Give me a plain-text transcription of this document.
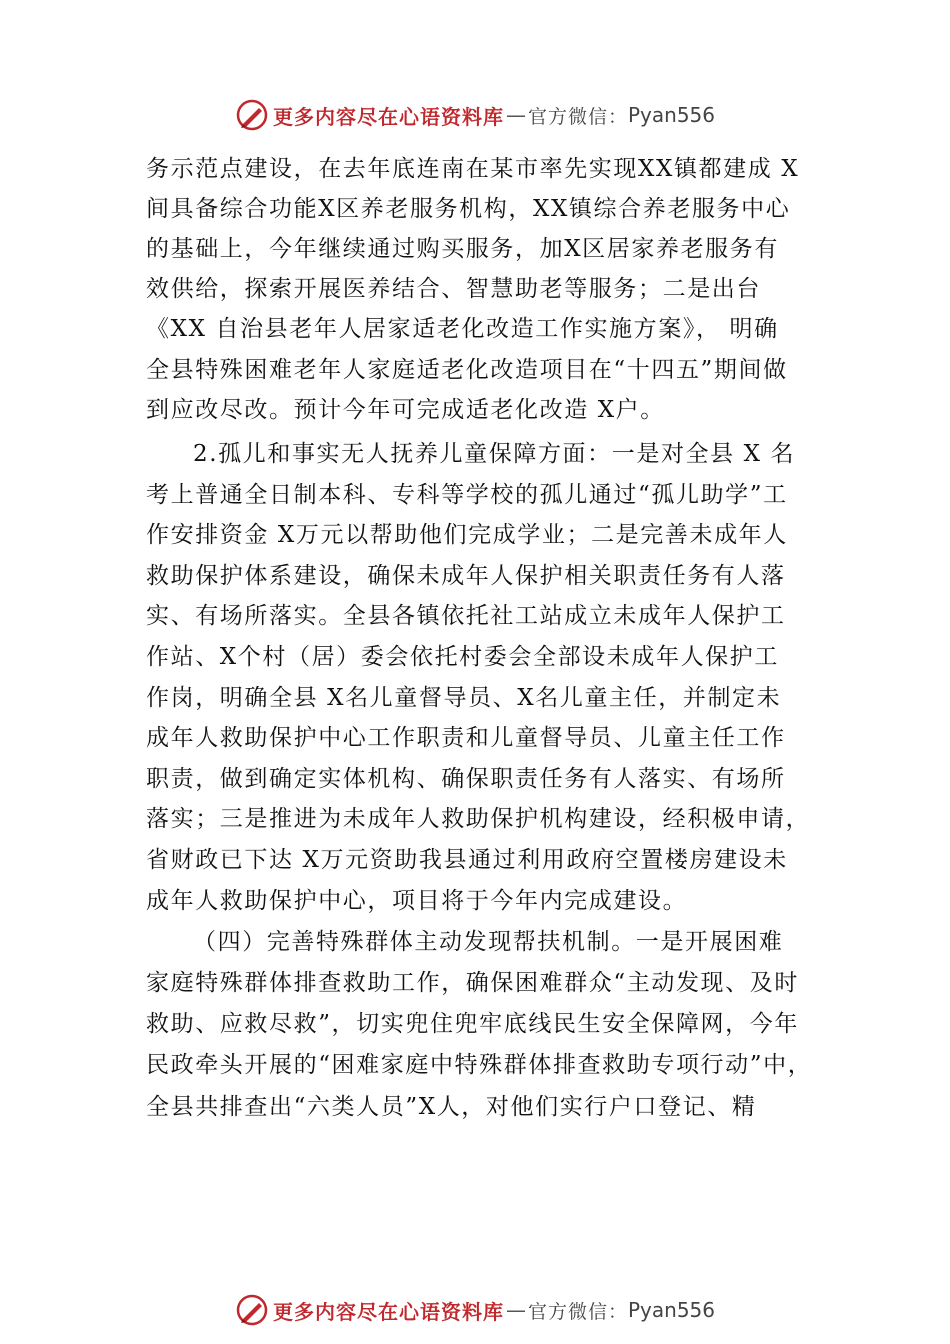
更多内容尽在心语资料库 — 官方微信： Pyan556
务示范点建设，在去年底连南在某市率先实现XX镇都建成 X
间具备综合功能X区养老服务机构，XX镇综合养老服务中心
的基础上，今年继续通过购买服务，加X区居家养老服务有
效供给，探索开展医养结合、智慧助老等服务；二是出台
《XX 自治县老年人居家适老化改造工作实施方案》， 明确
全县特殊困难老年人家庭适老化改造项目在“十四五”期间做
到应改尽改。预计今年可完成适老化改造 X户。
2.孤儿和事实无人抚养儿童保障方面：一是对全县 X 名
考上普通全日制本科、专科等学校的孤儿通过“孤儿助学”工
作安排资金 X万元以帮助他们完成学业；二是完善未成年人
救助保护体系建设，确保未成年人保护相关职责任务有人落
实、有场所落实。全县各镇依托社工站成立未成年人保护工
作站、X个村（居）委会依托村委会全部设未成年人保护工
作岗，明确全县 X名儿童督导员、X名儿童主任，并制定未
成年人救助保护中心工作职责和儿童督导员、儿童主任工作
职责，做到确定实体机构、确保职责任务有人落实、有场所
落实；三是推进为未成年人救助保护机构建设，经积极申请，
省财政已下达 X万元资助我县通过利用政府空置楼房建设未
成年人救助保护中心，项目将于今年内完成建设。
（四）完善特殊群体主动发现帮扶机制。一是开展困难
家庭特殊群体排查救助工作，确保困难群众“主动发现、及时
救助、应救尽救”，切实兜住兜牢底线民生安全保障网，今年
民政牵头开展的“困难家庭中特殊群体排查救助专项行动”中，
全县共排查出“六类人员”X人，对他们实行户口登记、精
更多内容尽在心语资料库 — 官方微信： Pyan556
